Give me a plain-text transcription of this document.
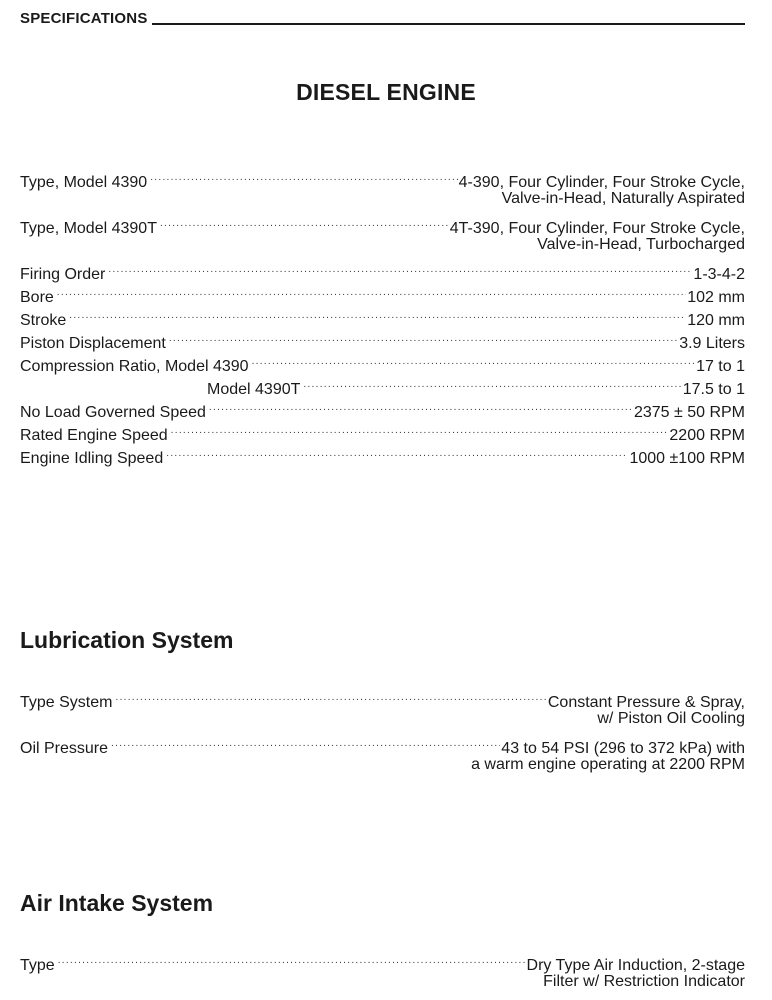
SPECIFICATIONS
DIESEL ENGINE
Type, Model 4390 .....	4-390, Four Cylinder, Four Stroke Cycle,
Valve-in-Head, Naturally Aspirated
Type, Model 4390T .....	4T-390, Four Cylinder, Four Stroke Cycle,
Valve-in-Head, Turbocharged
Firing Order .....	1-3-4-2
Bore .....	102 mm
Stroke .....	120 mm
Piston Displacement .....	3.9 Liters
Compression Ratio, Model 4390 .....	17 to 1
Model 4390T .....	17.5 to 1
No Load Governed Speed .....	2375 ± 50 RPM
Rated Engine Speed .....	2200 RPM
Engine Idling Speed .....	1000 ±100 RPM
Lubrication System
Type System .....	Constant Pressure & Spray,
w/ Piston Oil Cooling
Oil Pressure .....	43 to 54 PSI (296 to 372 kPa) with
a warm engine operating at 2200 RPM
Air Intake System
Type .....	Dry Type Air Induction, 2-stage
Filter w/ Restriction Indicator
